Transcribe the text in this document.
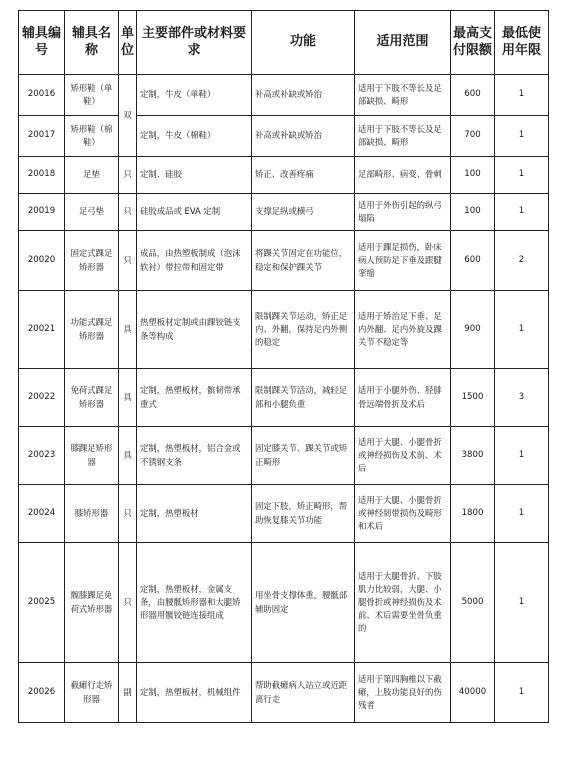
辅具编号	辅具名称	单位	主要部件或材料要求	功能	适用范围	最高支付限额	最低使用年限
20016	矫形鞋（单鞋）	双	定制，牛皮（单鞋）	补高或补缺或矫治	适用于下肢不等长及足部缺损、畸形	600	1
20017	矫形鞋（棉鞋）		定制，牛皮（棉鞋）	补高或补缺或矫治	适用于下肢不等长及足部缺损、畸形	700	1
20018	足垫	只	定制、硅胶	矫正、改善疼痛	足部畸形、病变、骨刺	100	1
20019	足弓垫	只	硅胶成品或 EVA 定制	支撑足纵或横弓	适用于外伤引起的纵弓塌陷	100	1
20020	固定式踝足矫形器	只	成品，由热塑板制成（泡沫软衬）带拉带和固定带	将踝关节固定在功能位，稳定和保护踝关节	适用于踝足损伤，卧床病人预防足下垂及跟腱挛缩	600	2
20021	功能式踝足矫形器	具	热塑板材定制或由踝铰链支条等构成	限制踝关节运动，矫正足内、外翻，保持足内外侧的稳定	适用于矫治足下垂、足内外翻、足内外旋及踝关节不稳定等	900	1
20022	免荷式踝足矫形器	具	定制，热塑板材，髌韧带承重式	限制踝关节活动，减轻足部和小腿负重	适用于小腿外伤、胫腓骨远端骨折及术后	1500	3
20023	膝踝足矫形器	具	定制，热塑板材，铝合金或不锈钢支条	固定膝关节、踝关节或矫正畸形	适用于大腿、小腿骨折或神经损伤及术前、术后	3800	1
20024	膝矫形器	只	定制，热塑板材	固定下肢，矫正畸形，帮助恢复膝关节功能	适用于大腿、小腿骨折或神经韧带损伤及畸形和术后	1800	1
20025	髋膝踝足免荷式矫形器	只	定制，热塑板材，金属支条，由腰骶矫形器和大腿矫形器用髋铰链连接组成	用坐骨支撑体重，腰骶部辅助固定	适用于大腿骨折、下肢肌力比较弱，大腿、小腿骨折或神经损伤及术前、术后需要坐骨负重的	5000	1
20026	截瘫行走矫形器	副	定制，热塑板材，机械组件	帮助截瘫病人站立或近距离行走	适用于第四胸椎以下截瘫，上肢功能良好的伤残者	40000	1
